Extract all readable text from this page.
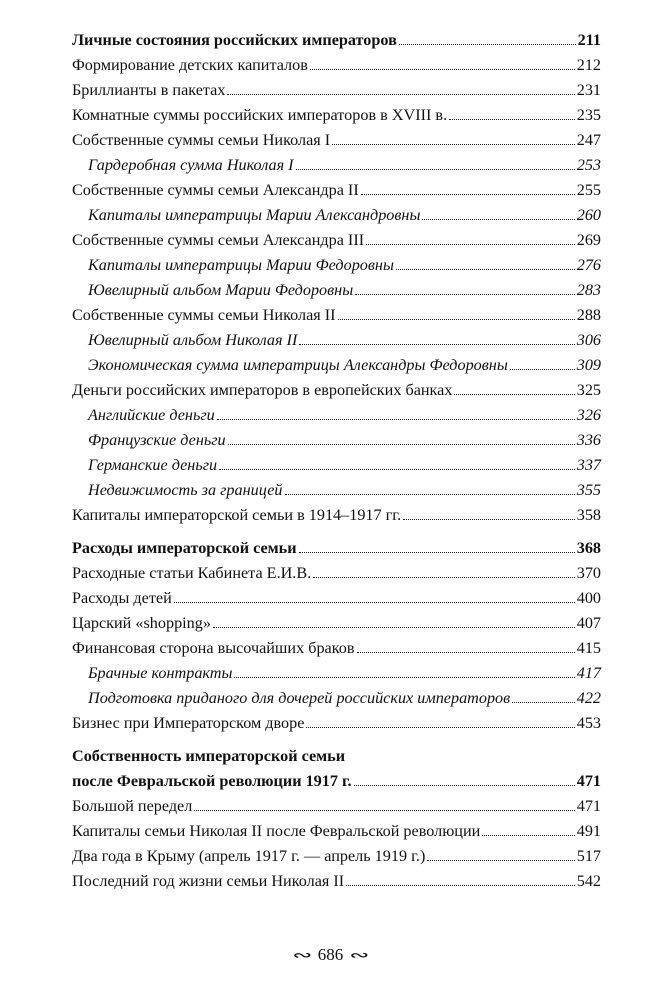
Личные состояния российских императоров	211
Формирование детских капиталов	212
Бриллианты в пакетах	231
Комнатные суммы российских императоров в XVIII в.	235
Собственные суммы семьи Николая I	247
Гардеробная сумма Николая I	253
Собственные суммы семьи Александра II	255
Капиталы императрицы Марии Александровны	260
Собственные суммы семьи Александра III	269
Капиталы императрицы Марии Федоровны	276
Ювелирный альбом Марии Федоровны	283
Собственные суммы семьи Николая II	288
Ювелирный альбом Николая II	306
Экономическая сумма императрицы Александры Федоровны	309
Деньги российских императоров в европейских банках	325
Английские деньги	326
Французские деньги	336
Германские деньги	337
Недвижимость за границей	355
Капиталы императорской семьи в 1914–1917 гг.	358
Расходы императорской семьи	368
Расходные статьи Кабинета Е.И.В.	370
Расходы детей	400
Царский «shopping»	407
Финансовая сторона высочайших браков	415
Брачные контракты	417
Подготовка приданого для дочерей российских императоров	422
Бизнес при Императорском дворе	453
Собственность императорской семьи
после Февральской революции 1917 г.	471
Большой передел	471
Капиталы семьи Николая II после Февральской революции	491
Два года в Крыму (апрель 1917 г. — апрель 1919 г.)	517
Последний год жизни семьи Николая II	542
∾ 686 ∾
